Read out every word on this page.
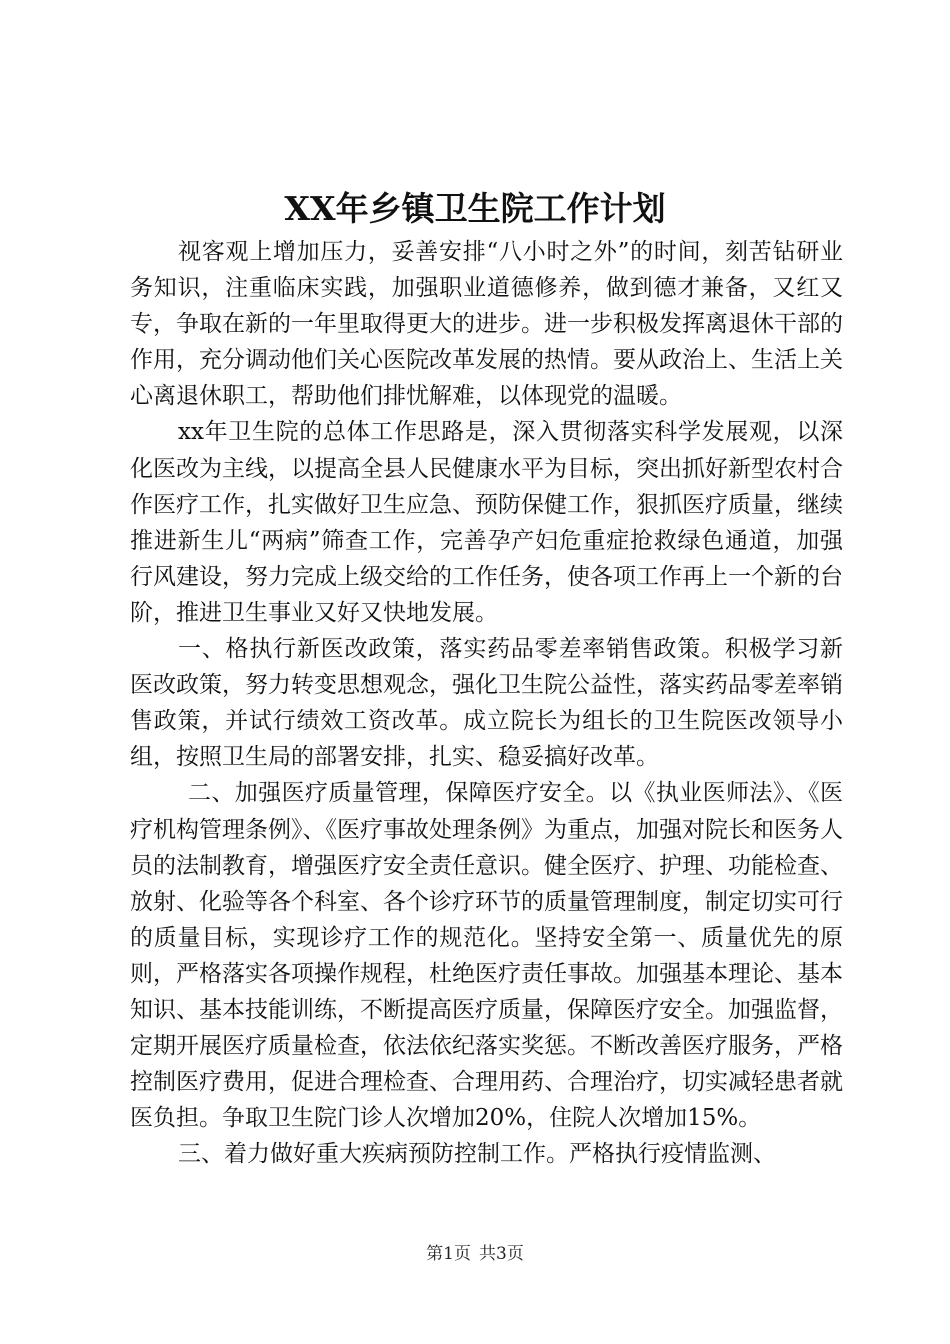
XX年乡镇卫生院工作计划

视客观上增加压力，妥善安排“八小时之外”的时间，刻苦钻研业务知识，注重临床实践，加强职业道德修养，做到德才兼备，又红又专，争取在新的一年里取得更大的进步。进一步积极发挥离退休干部的作用，充分调动他们关心医院改革发展的热情。要从政治上、生活上关心离退休职工，帮助他们排忧解难，以体现党的温暖。

xx年卫生院的总体工作思路是，深入贯彻落实科学发展观，以深化医改为主线，以提高全县人民健康水平为目标，突出抓好新型农村合作医疗工作，扎实做好卫生应急、预防保健工作，狠抓医疗质量，继续推进新生儿“两病”筛查工作，完善孕产妇危重症抢救绿色通道，加强行风建设，努力完成上级交给的工作任务，使各项工作再上一个新的台阶，推进卫生事业又好又快地发展。

一、格执行新医改政策，落实药品零差率销售政策。积极学习新医改政策，努力转变思想观念，强化卫生院公益性，落实药品零差率销售政策，并试行绩效工资改革。成立院长为组长的卫生院医改领导小组，按照卫生局的部署安排，扎实、稳妥搞好改革。

二、加强医疗质量管理，保障医疗安全。以《执业医师法》、《医疗机构管理条例》、《医疗事故处理条例》为重点，加强对院长和医务人员的法制教育，增强医疗安全责任意识。健全医疗、护理、功能检查、放射、化验等各个科室、各个诊疗环节的质量管理制度，制定切实可行的质量目标，实现诊疗工作的规范化。坚持安全第一、质量优先的原则，严格落实各项操作规程，杜绝医疗责任事故。加强基本理论、基本知识、基本技能训练，不断提高医疗质量，保障医疗安全。加强监督，定期开展医疗质量检查，依法依纪落实奖惩。不断改善医疗服务，严格控制医疗费用，促进合理检查、合理用药、合理治疗，切实减轻患者就医负担。争取卫生院门诊人次增加20%，住院人次增加15%。

三、着力做好重大疾病预防控制工作。严格执行疫情监测、

第1页 共3页
